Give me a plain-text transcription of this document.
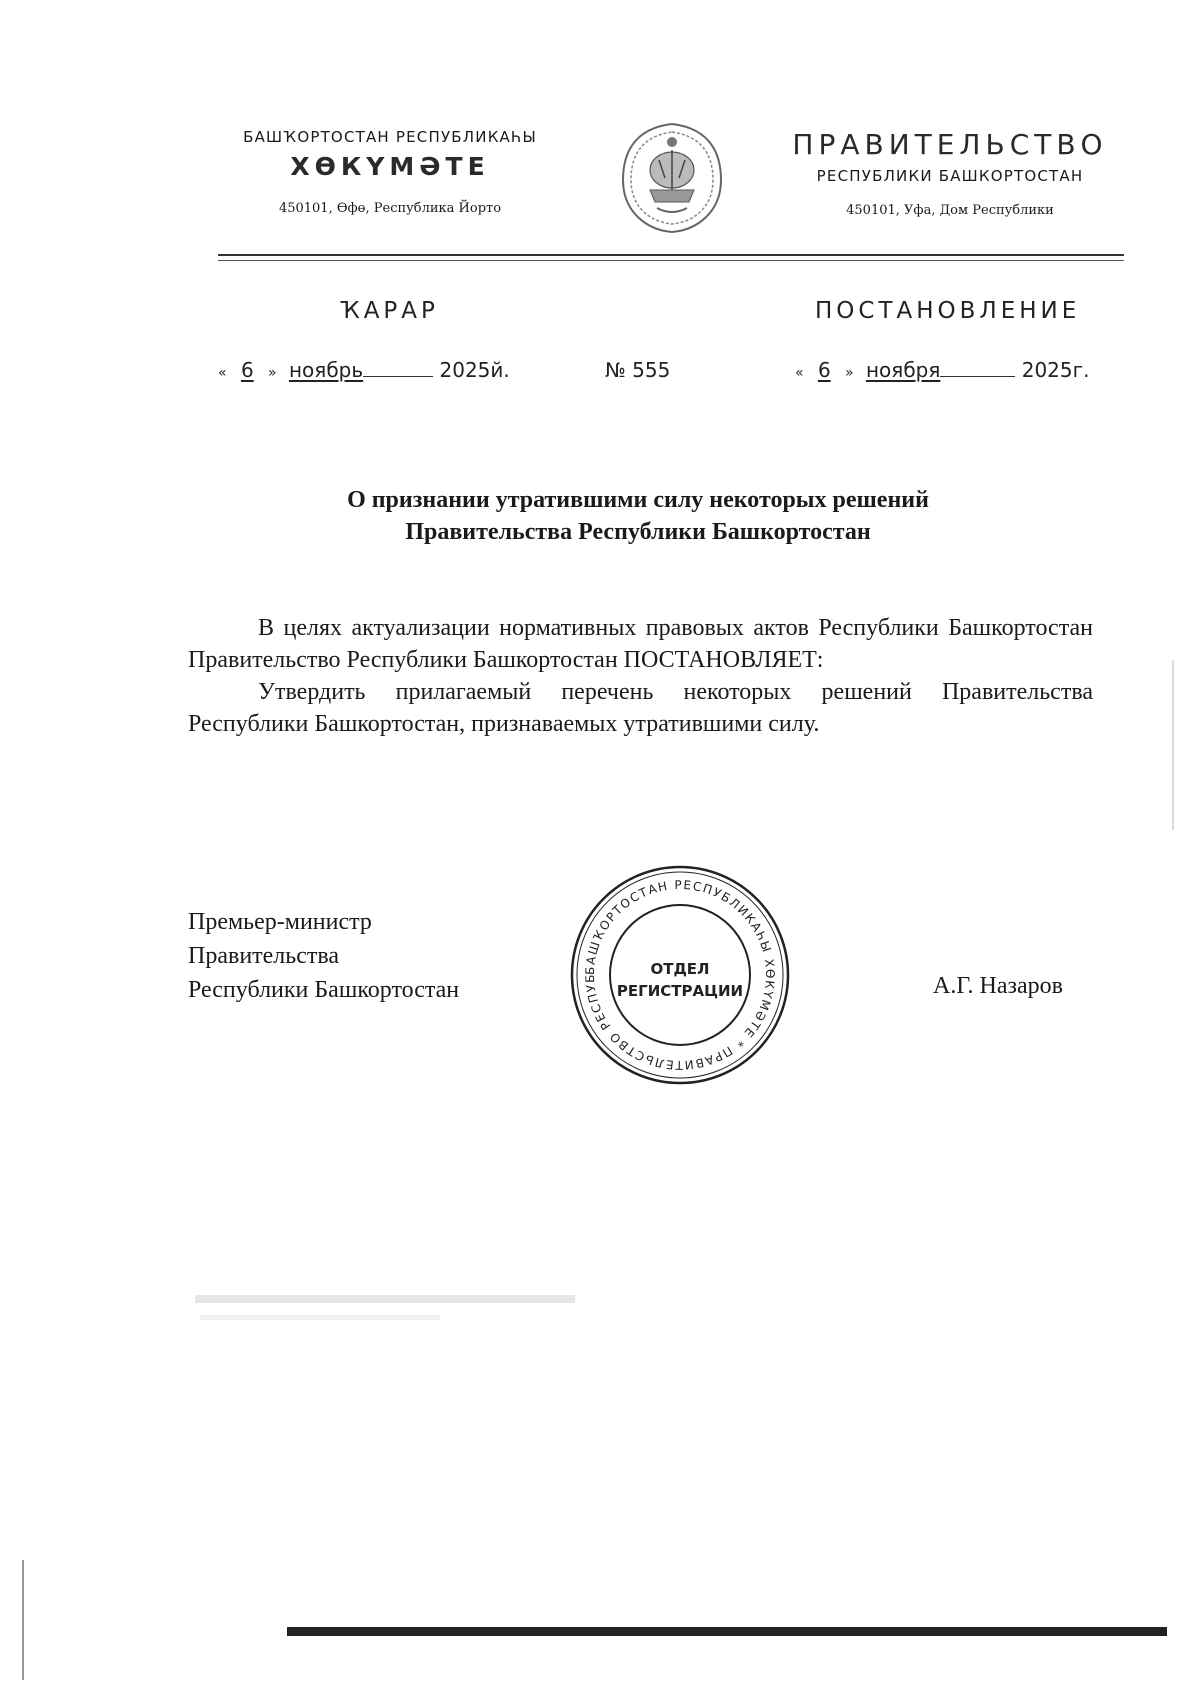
БАШҠОРТОСТАН РЕСПУБЛИКАҺЫ
ХӨКҮМӘТЕ
450101, Өфө, Республика Йорто
ПРАВИТЕЛЬСТВО
РЕСПУБЛИКИ БАШКОРТОСТАН
450101, Уфа, Дом Республики
ҠАРАР	ПОСТАНОВЛЕНИЕ
« 6 » ноябрь	2025й.	№ 555	« 6 » ноября	2025г.
О признании утратившими силу некоторых решений
Правительства Республики Башкортостан

В целях актуализации нормативных правовых актов Республики Башкортостан Правительство Республики Башкортостан ПОСТАНОВЛЯЕТ:

Утвердить прилагаемый перечень некоторых решений Правительства Республики Башкортостан, признаваемых утратившими силу.

Премьер-министр
Правительства
Республики Башкортостан	А.Г. Назаров
БАШҠОРТОСТАН РЕСПУБЛИКАҺЫ ХӨКҮМӘТЕ * ПРАВИТЕЛЬСТВО РЕСПУБ	ОТДЕЛ
РЕГИСТРАЦИИ
